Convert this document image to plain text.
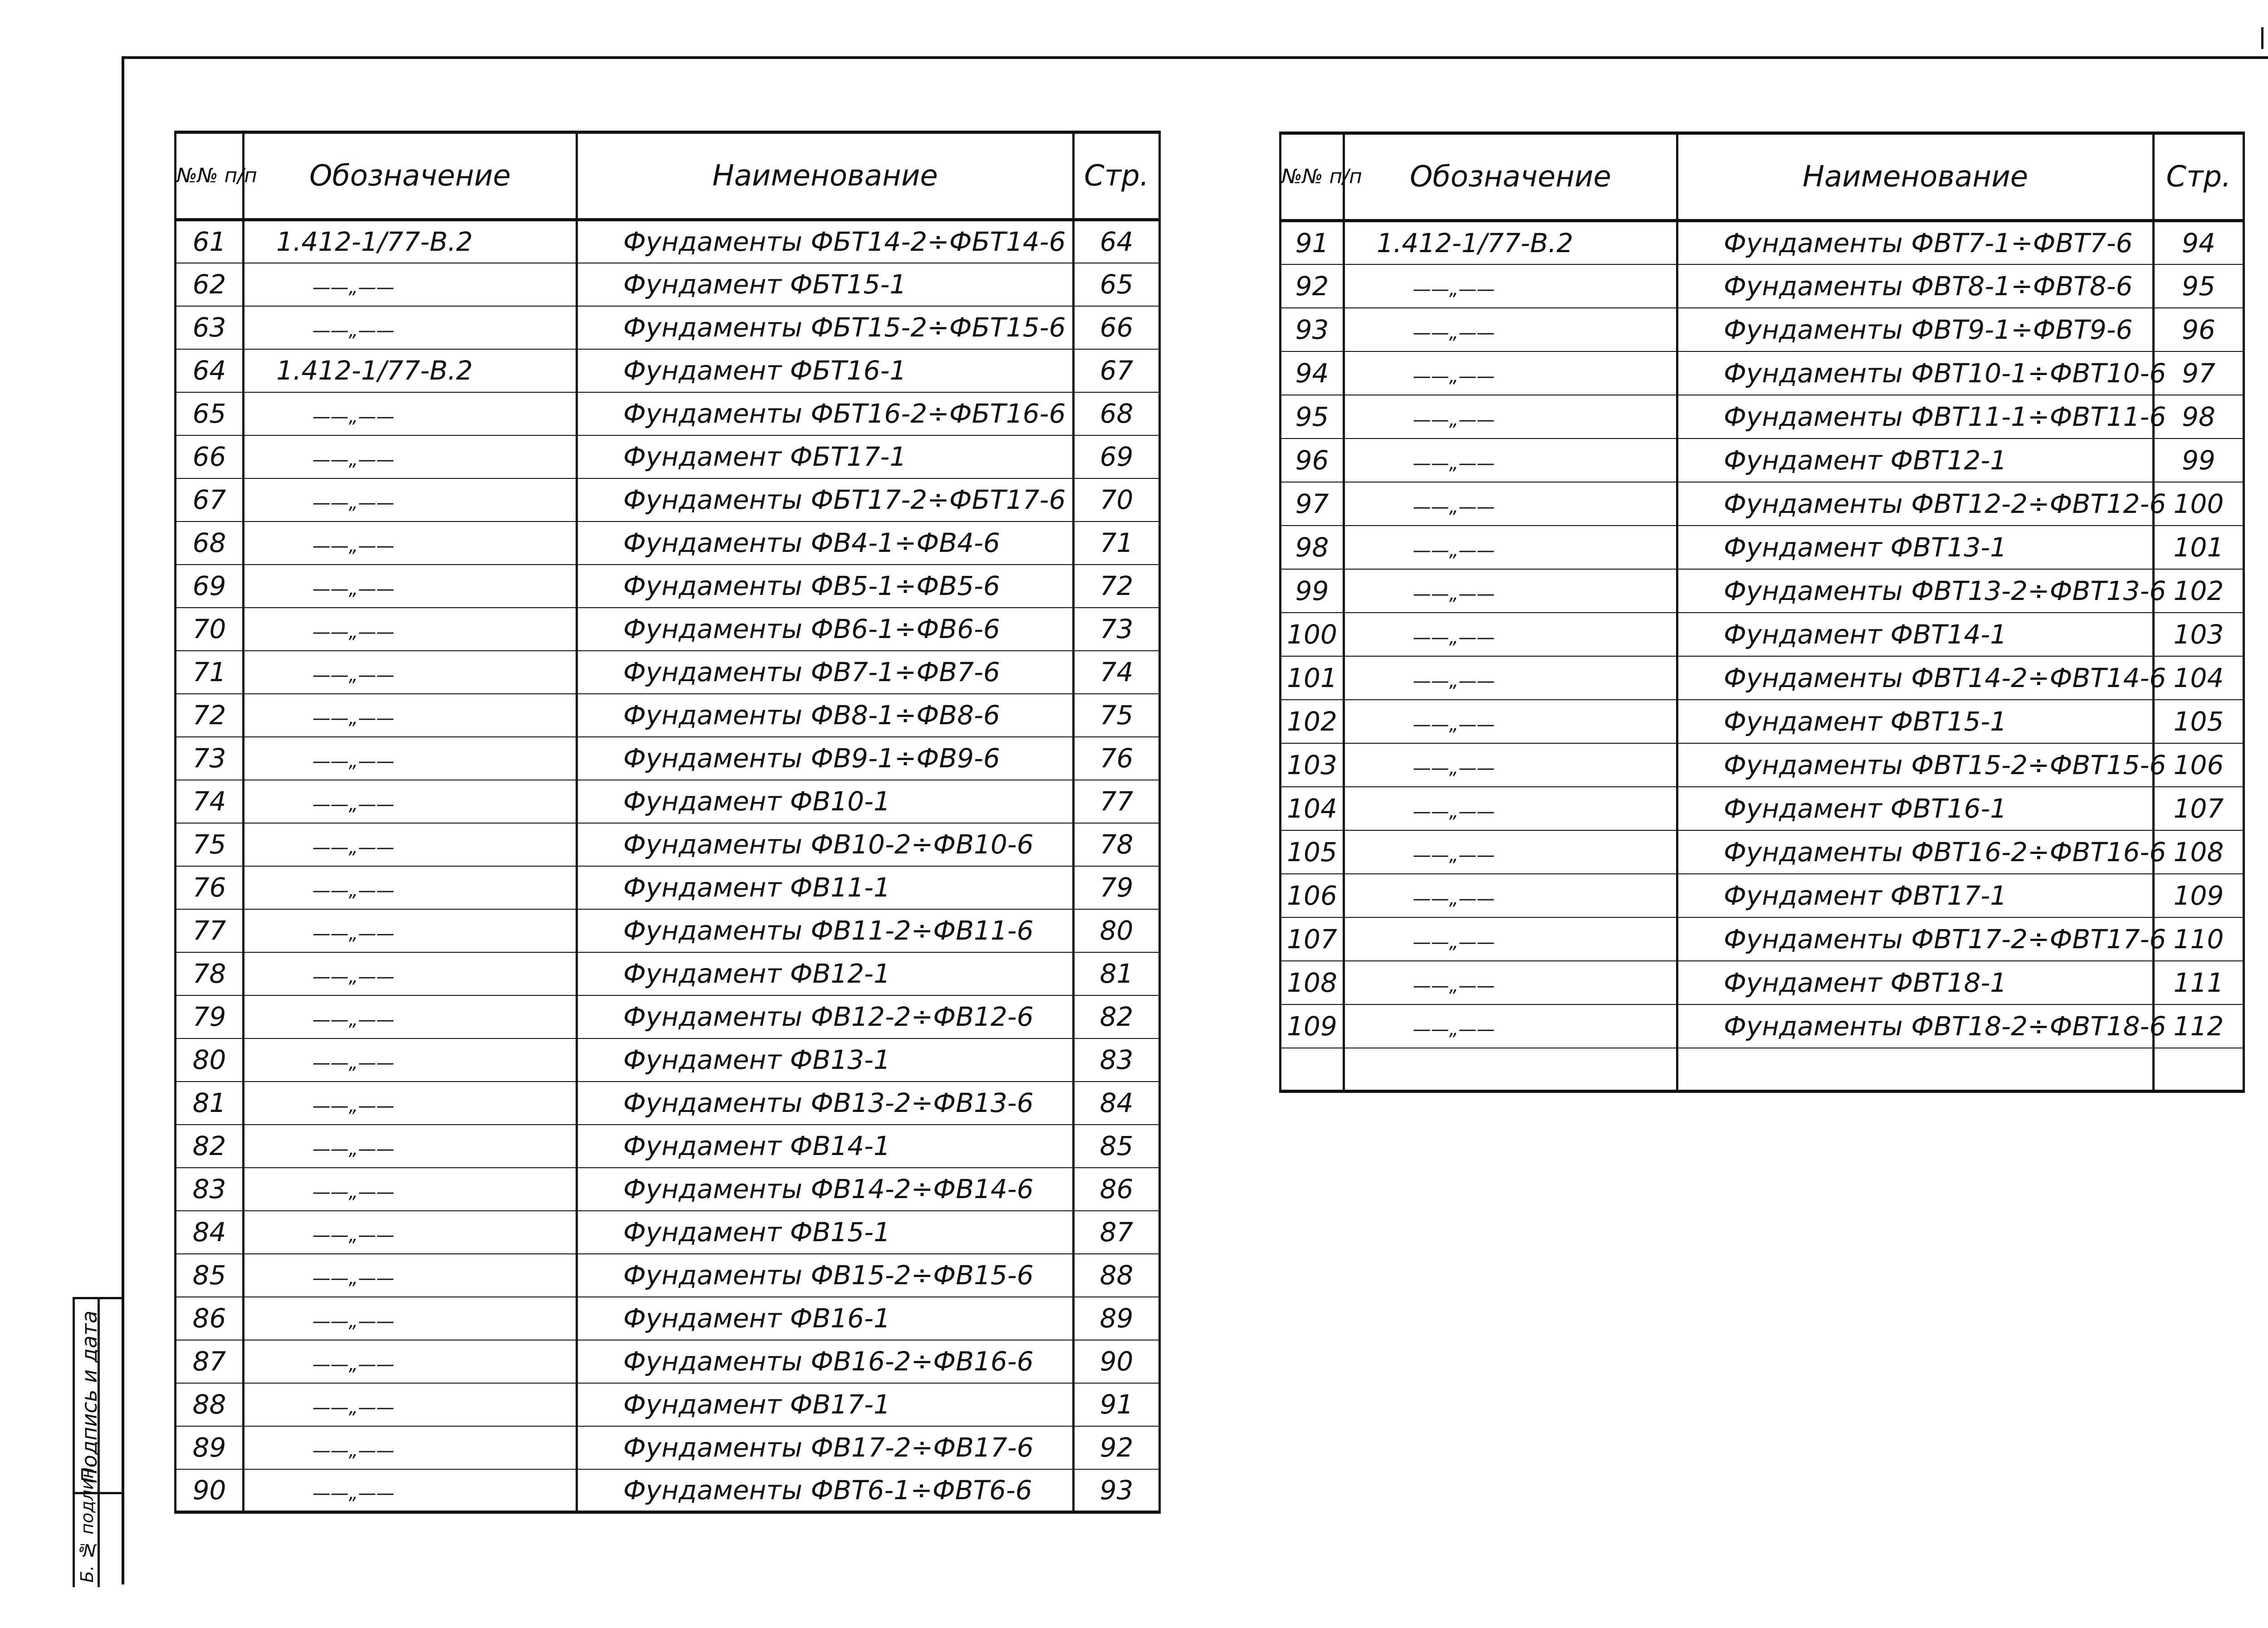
Подпись и дата
Б. № подлин.
№№ п/п	Обозначение	Наименование	Стр.
61	1.412-1/77-В.2	Фундаменты ФБТ14-2÷ФБТ14-6	64
62	——„——	Фундамент ФБТ15-1	65
63	——„——	Фундаменты ФБТ15-2÷ФБТ15-6	66
64	1.412-1/77-В.2	Фундамент ФБТ16-1	67
65	——„——	Фундаменты ФБТ16-2÷ФБТ16-6	68
66	——„——	Фундамент ФБТ17-1	69
67	——„——	Фундаменты ФБТ17-2÷ФБТ17-6	70
68	——„——	Фундаменты ФВ4-1÷ФВ4-6	71
69	——„——	Фундаменты ФВ5-1÷ФВ5-6	72
70	——„——	Фундаменты ФВ6-1÷ФВ6-6	73
71	——„——	Фундаменты ФВ7-1÷ФВ7-6	74
72	——„——	Фундаменты ФВ8-1÷ФВ8-6	75
73	——„——	Фундаменты ФВ9-1÷ФВ9-6	76
74	——„——	Фундамент ФВ10-1	77
75	——„——	Фундаменты ФВ10-2÷ФВ10-6	78
76	——„——	Фундамент ФВ11-1	79
77	——„——	Фундаменты ФВ11-2÷ФВ11-6	80
78	——„——	Фундамент ФВ12-1	81
79	——„——	Фундаменты ФВ12-2÷ФВ12-6	82
80	——„——	Фундамент ФВ13-1	83
81	——„——	Фундаменты ФВ13-2÷ФВ13-6	84
82	——„——	Фундамент ФВ14-1	85
83	——„——	Фундаменты ФВ14-2÷ФВ14-6	86
84	——„——	Фундамент ФВ15-1	87
85	——„——	Фундаменты ФВ15-2÷ФВ15-6	88
86	——„——	Фундамент ФВ16-1	89
87	——„——	Фундаменты ФВ16-2÷ФВ16-6	90
88	——„——	Фундамент ФВ17-1	91
89	——„——	Фундаменты ФВ17-2÷ФВ17-6	92
90	——„——	Фундаменты ФВТ6-1÷ФВТ6-6	93
№№ п/п	Обозначение	Наименование	Стр.
91	1.412-1/77-В.2	Фундаменты ФВТ7-1÷ФВТ7-6	94
92	——„——	Фундаменты ФВТ8-1÷ФВТ8-6	95
93	——„——	Фундаменты ФВТ9-1÷ФВТ9-6	96
94	——„——	Фундаменты ФВТ10-1÷ФВТ10-6	97
95	——„——	Фундаменты ФВТ11-1÷ФВТ11-6	98
96	——„——	Фундамент ФВТ12-1	99
97	——„——	Фундаменты ФВТ12-2÷ФВТ12-6	100
98	——„——	Фундамент ФВТ13-1	101
99	——„——	Фундаменты ФВТ13-2÷ФВТ13-6	102
100	——„——	Фундамент ФВТ14-1	103
101	——„——	Фундаменты ФВТ14-2÷ФВТ14-6	104
102	——„——	Фундамент ФВТ15-1	105
103	——„——	Фундаменты ФВТ15-2÷ФВТ15-6	106
104	——„——	Фундамент ФВТ16-1	107
105	——„——	Фундаменты ФВТ16-2÷ФВТ16-6	108
106	——„——	Фундамент ФВТ17-1	109
107	——„——	Фундаменты ФВТ17-2÷ФВТ17-6	110
108	——„——	Фундамент ФВТ18-1	111
109	——„——	Фундаменты ФВТ18-2÷ФВТ18-6	112
